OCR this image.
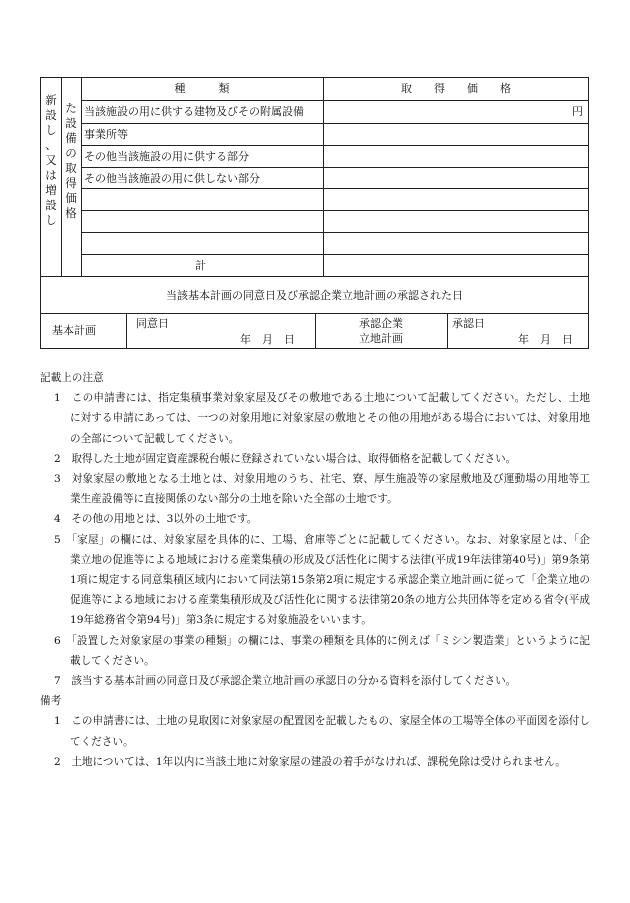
新
設
し
、
又
は
増
設
し
た
設
備
の
取
得
価
格
種　　　類	取　　得　　価　　格
当該施設の用に供する建物及びその附属設備
事業所等
その他当該施設の用に供する部分
その他当該施設の用に供しない部分
円
計
当該基本計画の同意日及び承認企業立地計画の承認された日
基本計画
同意日
年　月　日
承認企業
立地計画
承認日
年　月　日
記載上の注意

1　この申請書には、指定集積事業対象家屋及びその敷地である土地について記載してください。ただし、土地に対する申請にあっては、一つの対象用地に対象家屋の敷地とその他の用地がある場合においては、対象用地の全部について記載してください。

2　取得した土地が固定資産課税台帳に登録されていない場合は、取得価格を記載してください。

3　対象家屋の敷地となる土地とは、対象用地のうち、社宅、寮、厚生施設等の家屋敷地及び運動場の用地等工業生産設備等に直接関係のない部分の土地を除いた全部の土地です。

4　その他の用地とは、3以外の土地です。

5　「家屋」の欄には、対象家屋を具体的に、工場、倉庫等ごとに記載してください。なお、対象家屋とは、「企業立地の促進等による地域における産業集積の形成及び活性化に関する法律(平成19年法律第40号)」第9条第1項に規定する同意集積区域内において同法第15条第2項に規定する承認企業立地計画に従って「企業立地の促進等による地域における産業集積形成及び活性化に関する法律第20条の地方公共団体等を定める省令(平成19年総務省令第94号)」第3条に規定する対象施設をいいます。

6　「設置した対象家屋の事業の種類」の欄には、事業の種類を具体的に例えば「ミシン製造業」というように記載してください。

7　該当する基本計画の同意日及び承認企業立地計画の承認日の分かる資料を添付してください。

備考

1　この申請書には、土地の見取図に対象家屋の配置図を記載したもの、家屋全体の工場等全体の平面図を添付してください。

2　土地については、1年以内に当該土地に対象家屋の建設の着手がなければ、課税免除は受けられません。
